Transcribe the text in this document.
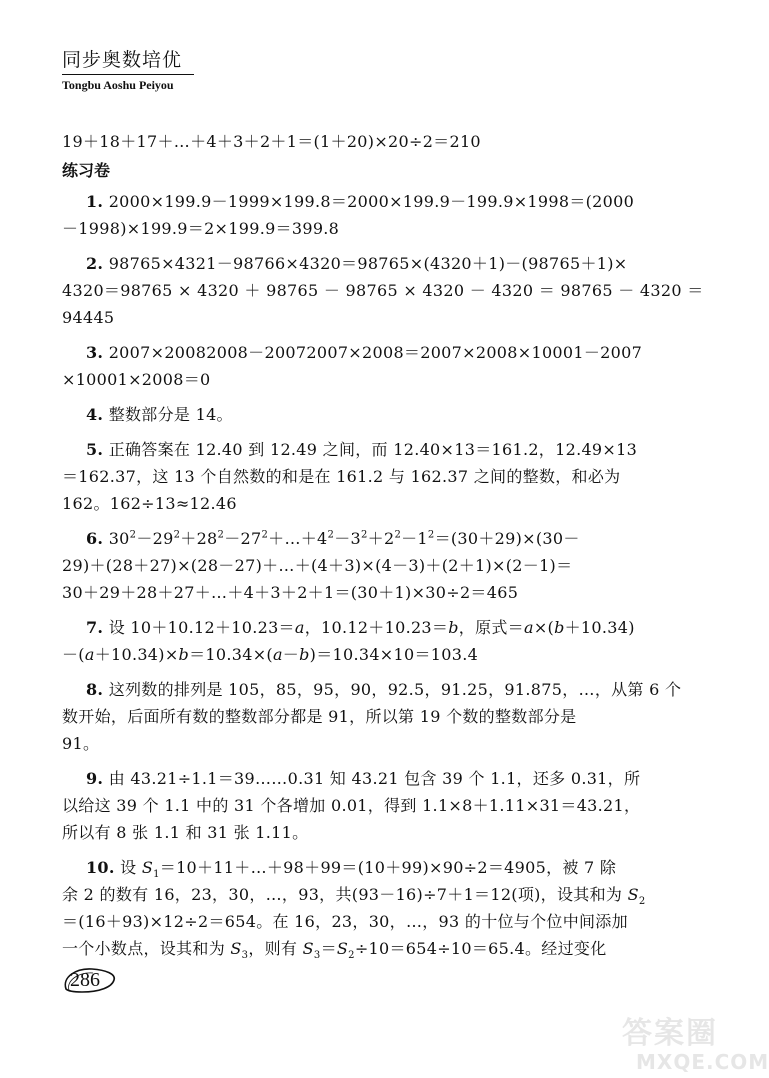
同步奥数培优
Tongbu Aoshu Peiyou
19＋18＋17＋…＋4＋3＋2＋1＝(1＋20)×20÷2＝210
练习卷
1. 2000×199.9－1999×199.8＝2000×199.9－199.9×1998＝(2000
－1998)×199.9＝2×199.9＝399.8
2. 98765×4321－98766×4320＝98765×(4320＋1)－(98765＋1)×
4320＝98765 × 4320 ＋ 98765 － 98765 × 4320 － 4320 ＝ 98765 － 4320 ＝
94445
3. 2007×20082008－20072007×2008＝2007×2008×10001－2007
×10001×2008＝0
4. 整数部分是 14。
5. 正确答案在 12.40 到 12.49 之间，而 12.40×13＝161.2，12.49×13
＝162.37，这 13 个自然数的和是在 161.2 与 162.37 之间的整数，和必为
162。162÷13≈12.46
6. $30^2-29^2+28^2-27^2+\dots+4^2-3^2+2^2-1^2=(30+29)\times(30-$
29)＋(28＋27)×(28－27)＋…＋(4＋3)×(4－3)＋(2＋1)×(2－1)＝
30＋29＋28＋27＋…＋4＋3＋2＋1＝(30＋1)×30÷2＝465
7. 设 10＋10.12＋10.23＝a，10.12＋10.23＝b，原式＝a×(b＋10.34)
－(a＋10.34)×b＝10.34×(a－b)＝10.34×10＝103.4
8. 这列数的排列是 105，85，95，90，92.5，91.25，91.875，…，从第 6 个
数开始，后面所有数的整数部分都是 91，所以第 19 个数的整数部分是
91。
9. 由 43.21÷1.1＝39……0.31 知 43.21 包含 39 个 1.1，还多 0.31，所
以给这 39 个 1.1 中的 31 个各增加 0.01，得到 1.1×8＋1.11×31＝43.21，
所以有 8 张 1.1 和 31 张 1.11。
10. 设 $S_1=10+11+\dots+98+99=(10+99)\times 90\div 2=4905$，被 7 除
余 2 的数有 16，23，30，…，93，共(93－16)÷7＋1＝12(项)，设其和为 $S_2$
＝(16＋93)×12÷2＝654。在 16，23，30，…，93 的十位与个位中间添加
一个小数点，设其和为 $S_3$，则有 $S_3=S_2\div 10=654\div 10=65.4$。经过变化
286
答案圈
MXQE.COM
